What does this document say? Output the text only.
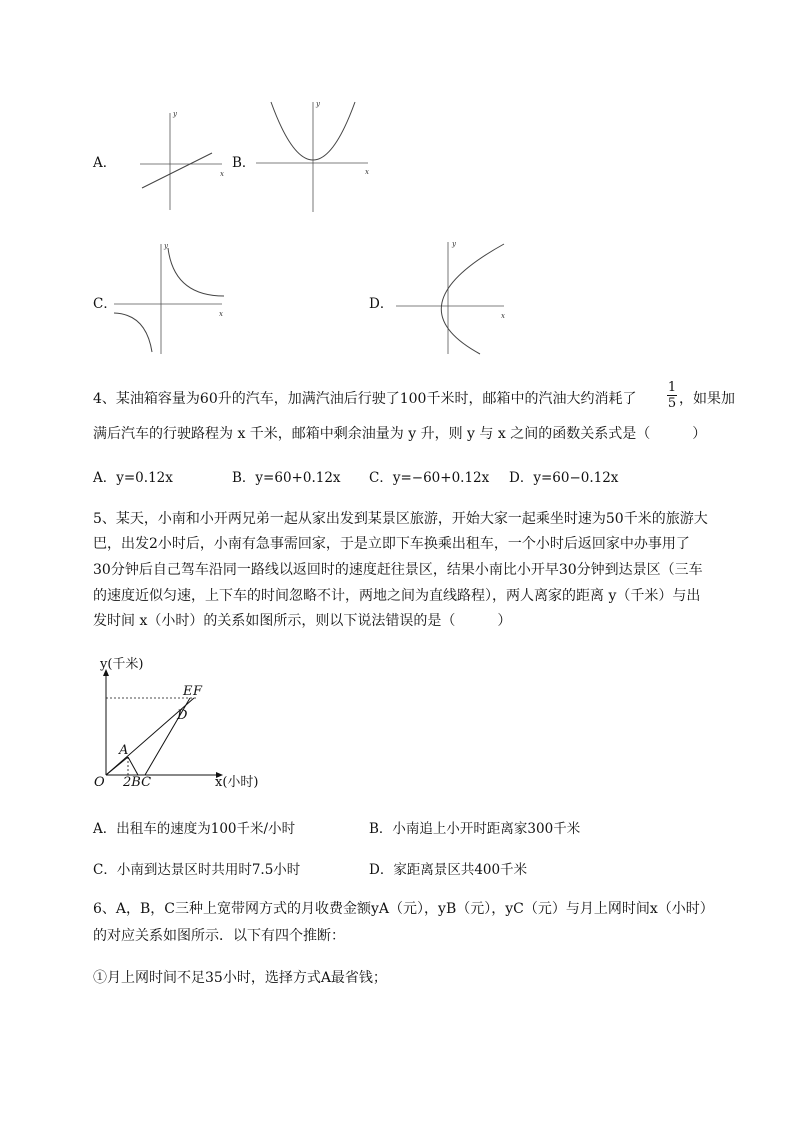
A．
x
y
B．
x
y
C．
x
y
D．
x
y
4、某油箱容量为60升的汽车，加满汽油后行驶了100千米时，邮箱中的汽油大约消耗了
1
5 ，如果加
满后汽车的行驶路程为 x 千米，邮箱中剩余油量为 y 升，则 y 与 x 之间的函数关系式是（　　　）
A．y=0.12x	B．y=60+0.12x C．y=−60+0.12x D．y=60−0.12x
5、某天，小南和小开两兄弟一起从家出发到某景区旅游，开始大家一起乘坐时速为50千米的旅游大
巴，出发2小时后，小南有急事需回家，于是立即下车换乘出租车，一个小时后返回家中办事用了
30分钟后自己驾车沿同一路线以返回时的速度赶往景区，结果小南比小开早30分钟到达景区（三车
的速度近似匀速，上下车的时间忽略不计，两地之间为直线路程），两人离家的距离 y（千米）与出
发时间 x（小时）的关系如图所示，则以下说法错误的是（　　　）
y(千米)
x(小时)
O
A
D
E F
2BC
A．出租车的速度为100千米/小时	B．小南追上小开时距离家300千米
C．小南到达景区时共用时7.5小时	D．家距离景区共400千米
6、A，B，C三种上宽带网方式的月收费金额yA（元），yB（元），yC（元）与月上网时间x（小时）
的对应关系如图所示．以下有四个推断：
①月上网时间不足35小时，选择方式A最省钱；
